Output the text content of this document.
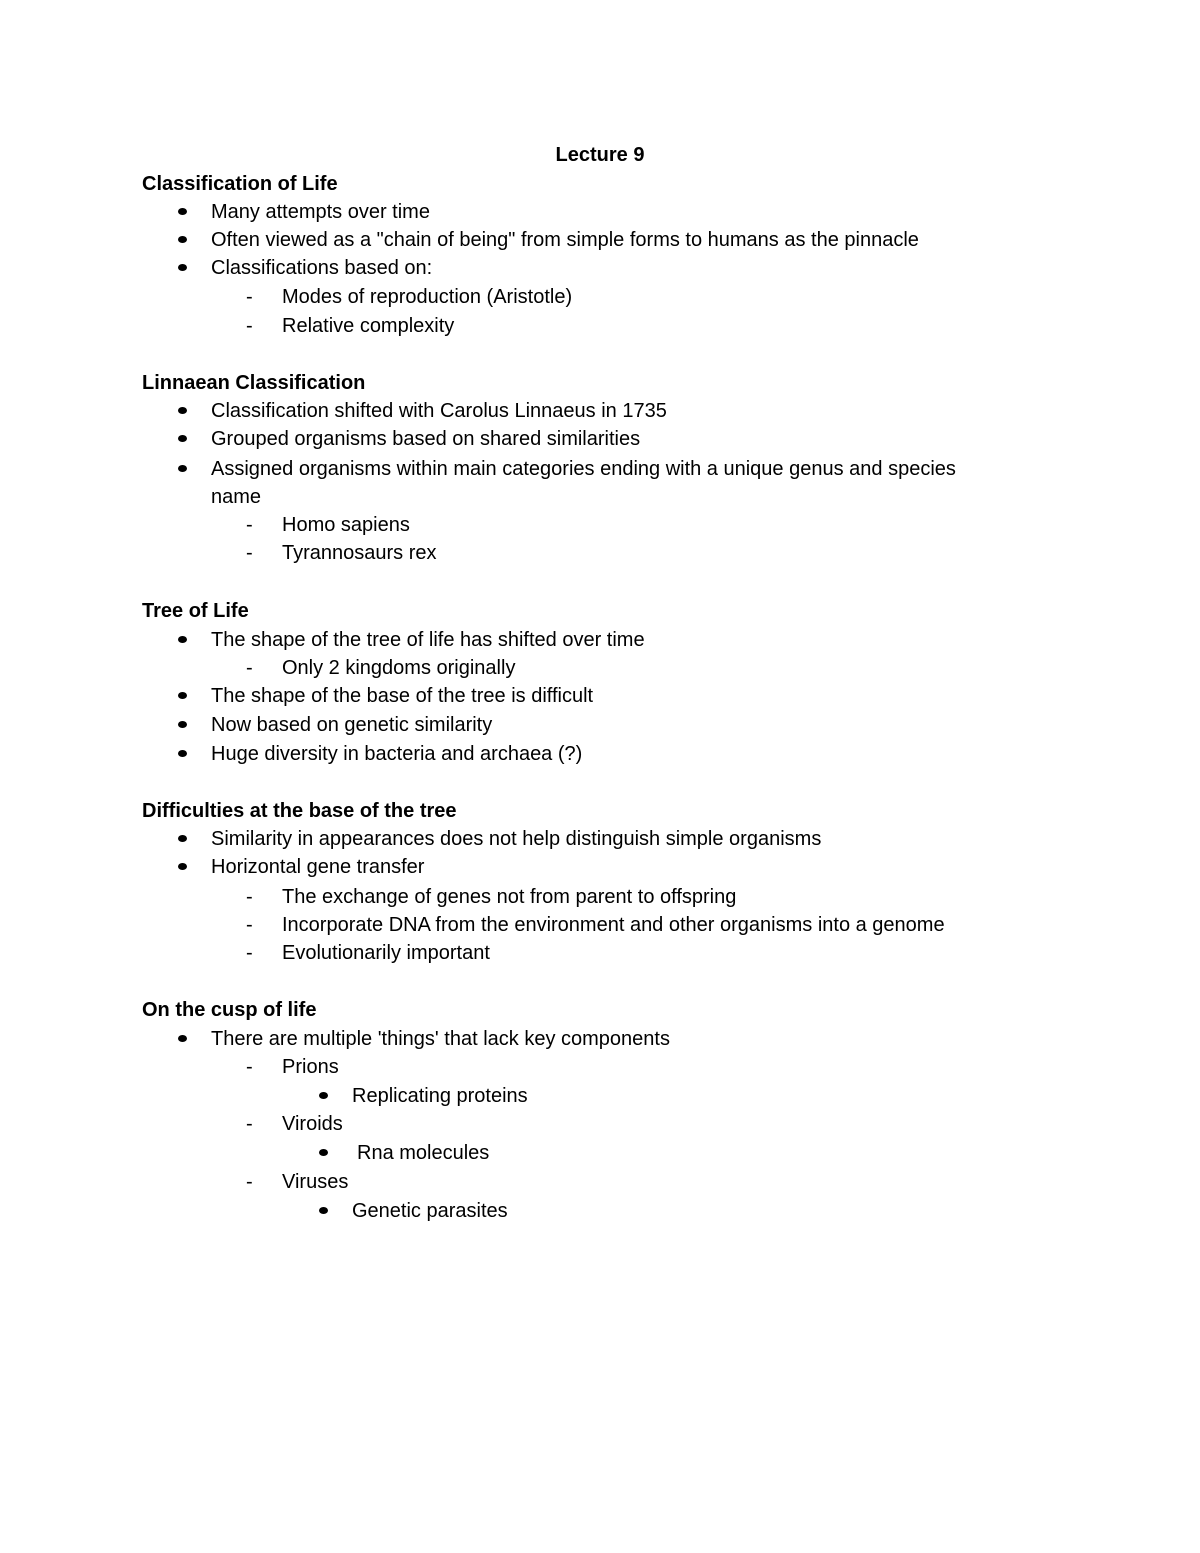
Lecture 9
Classification of Life
Many attempts over time
Often viewed as a "chain of being" from simple forms to humans as the pinnacle
Classifications based on:
- Modes of reproduction (Aristotle)
- Relative complexity
Linnaean Classification
Classification shifted with Carolus Linnaeus in 1735
Grouped organisms based on shared similarities
Assigned organisms within main categories ending with a unique genus and species
name
- Homo sapiens
- Tyrannosaurs rex
Tree of Life
The shape of the tree of life has shifted over time
- Only 2 kingdoms originally
The shape of the base of the tree is difficult
Now based on genetic similarity
Huge diversity in bacteria and archaea (?)
Difficulties at the base of the tree
Similarity in appearances does not help distinguish simple organisms
Horizontal gene transfer
- The exchange of genes not from parent to offspring
- Incorporate DNA from the environment and other organisms into a genome
- Evolutionarily important
On the cusp of life
There are multiple 'things' that lack key components
- Prions
Replicating proteins
- Viroids
Rna molecules
- Viruses
Genetic parasites
